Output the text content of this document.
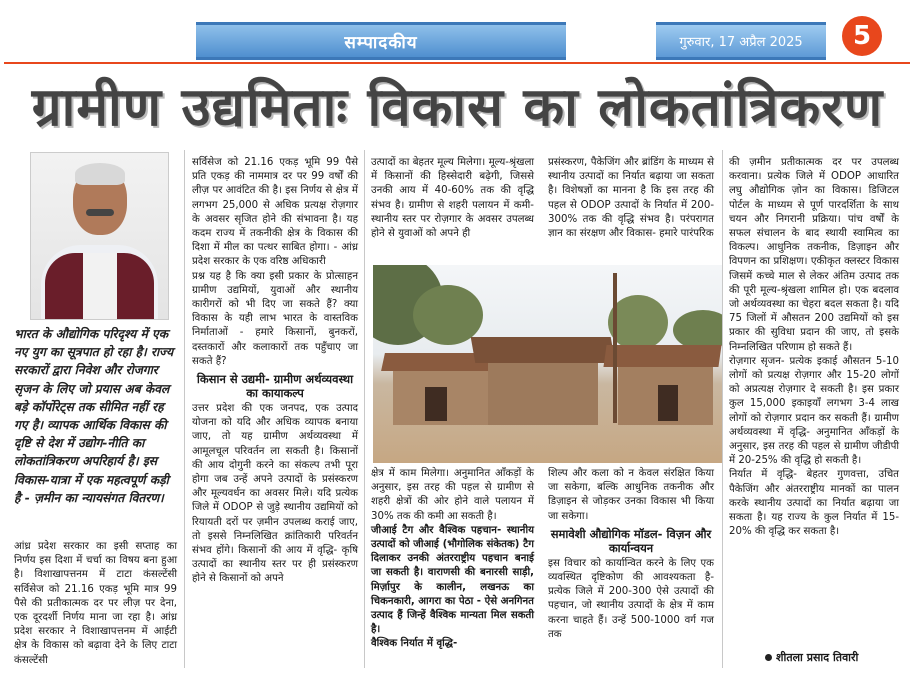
सम्पादकीय	गुरुवार, 17 अप्रैल 2025	5
ग्रामीण उद्यमिताः विकास का लोकतांत्रिकरण
भारत के औद्योगिक परिदृश्य में एक नए युग का सूत्रपात हो रहा है। राज्य सरकारों द्वारा निवेश और रोजगार सृजन के लिए जो प्रयास अब केवल बड़े कॉर्पोरेट्स तक सीमित नहीं रह गए है। व्यापक आर्थिक विकास की दृष्टि से देश में उद्योग-नीति का लोकतांत्रिकरण अपरिहार्य है। इस विकास-यात्रा में एक महत्वपूर्ण कड़ी है - ज़मीन का न्यायसंगत वितरण।

आंध्र प्रदेश सरकार का इसी सप्ताह का निर्णय इस दिशा में चर्चा का विषय बना हुआ है। विशाखापत्तनम में टाटा कंसल्टेंसी सर्विसेज को 21.16 एकड़ भूमि मात्र 99 पैसे की प्रतीकात्मक दर पर लीज़ पर देना, एक दूरदर्शी निर्णय माना जा रहा है। आंध्र प्रदेश सरकार ने विशाखापत्तनम में आईटी क्षेत्र के विकास को बढ़ावा देने के लिए टाटा कंसल्टेंसी

सर्विसेज को 21.16 एकड़ भूमि 99 पैसे प्रति एकड़ की नाममात्र दर पर 99 वर्षों की लीज़ पर आवंटित की है। इस निर्णय से क्षेत्र में लगभग 25,000 से अधिक प्रत्यक्ष रोज़गार के अवसर सृजित होने की संभावना है। यह कदम राज्य में तकनीकी क्षेत्र के विकास की दिशा में मील का पत्थर साबित होगा। - आंध्र प्रदेश सरकार के एक वरिष्ठ अधिकारी

प्रश्न यह है कि क्या इसी प्रकार के प्रोत्साहन ग्रामीण उद्यमियों, युवाओं और स्थानीय कारीगरों को भी दिए जा सकते हैं? क्या विकास के यही लाभ भारत के वास्तविक निर्माताओं - हमारे किसानों, बुनकरों, दस्तकारों और कलाकारों तक पहुँचाए जा सकते हैं?

किसान से उद्यमी- ग्रामीण अर्थव्यवस्था का कायाकल्प

उत्तर प्रदेश की एक जनपद, एक उत्पाद योजना को यदि और अधिक व्यापक बनाया जाए, तो यह ग्रामीण अर्थव्यवस्था में आमूलचूल परिवर्तन ला सकती है। किसानों की आय दोगुनी करने का संकल्प तभी पूरा होगा जब उन्हें अपने उत्पादों के प्रसंस्करण और मूल्यवर्धन का अवसर मिले। यदि प्रत्येक जिले में ODOP से जुड़े स्थानीय उद्यमियों को रियायती दरों पर ज़मीन उपलब्ध कराई जाए, तो इससे निम्नलिखित क्रांतिकारी परिवर्तन संभव होंगे। किसानों की आय में वृद्धि- कृषि उत्पादों का स्थानीय स्तर पर ही प्रसंस्करण होने से किसानों को अपने

उत्पादों का बेहतर मूल्य मिलेगा। मूल्य-श्रृंखला में किसानों की हिस्सेदारी बढ़ेगी, जिससे उनकी आय में 40-60% तक की वृद्धि संभव है। ग्रामीण से शहरी पलायन में कमी- स्थानीय स्तर पर रोज़गार के अवसर उपलब्ध होने से युवाओं को अपने ही

प्रसंस्करण, पैकेजिंग और ब्रांडिंग के माध्यम से स्थानीय उत्पादों का निर्यात बढ़ाया जा सकता है। विशेषज्ञों का मानना है कि इस तरह की पहल से ODOP उत्पादों के निर्यात में 200-300% तक की वृद्धि संभव है। परंपरागत ज्ञान का संरक्षण और विकास- हमारे पारंपरिक

क्षेत्र में काम मिलेगा। अनुमानित आँकड़ों के अनुसार, इस तरह की पहल से ग्रामीण से शहरी क्षेत्रों की ओर होने वाले पलायन में 30% तक की कमी आ सकती है।

जीआई टैग और वैश्विक पहचान- स्थानीय उत्पादों को जीआई (भौगोलिक संकेतक) टैग दिलाकर उनकी अंतरराष्ट्रीय पहचान बनाई जा सकती है। वाराणसी की बनारसी साड़ी, मिर्ज़ापुर के कालीन, लखनऊ का चिकनकारी, आगरा का पेठा - ऐसे अनगिनत उत्पाद हैं जिन्हें वैश्विक मान्यता मिल सकती है।

वैश्विक निर्यात में वृद्धि-

शिल्प और कला को न केवल संरक्षित किया जा सकेगा, बल्कि आधुनिक तकनीक और डिज़ाइन से जोड़कर उनका विकास भी किया जा सकेगा।

समावेशी औद्योगिक मॉडल- विज़न और कार्यान्वयन

इस विचार को कार्यान्वित करने के लिए एक व्यवस्थित दृष्टिकोण की आवश्यकता है- प्रत्येक जिले में 200-300 ऐसे उत्पादों की पहचान, जो स्थानीय उत्पादों के क्षेत्र में काम करना चाहते हैं। उन्हें 500-1000 वर्ग गज तक

की ज़मीन प्रतीकात्मक दर पर उपलब्ध करवाना। प्रत्येक जिले में ODOP आधारित लघु औद्योगिक ज़ोन का विकास। डिजिटल पोर्टल के माध्यम से पूर्ण पारदर्शिता के साथ चयन और निगरानी प्रक्रिया। पांच वर्षों के सफल संचालन के बाद स्थायी स्वामित्व का विकल्प। आधुनिक तकनीक, डिज़ाइन और विपणन का प्रशिक्षण। एकीकृत क्लस्टर विकास जिसमें कच्चे माल से लेकर अंतिम उत्पाद तक की पूरी मूल्य-श्रृंखला शामिल हो। एक बदलाव जो अर्थव्यवस्था का चेहरा बदल सकता है। यदि 75 जिलों में औसतन 200 उद्यमियों को इस प्रकार की सुविधा प्रदान की जाए, तो इसके निम्नलिखित परिणाम हो सकते हैं।

रोज़गार सृजन- प्रत्येक इकाई औसतन 5-10 लोगों को प्रत्यक्ष रोज़गार और 15-20 लोगों को अप्रत्यक्ष रोज़गार दे सकती है। इस प्रकार कुल 15,000 इकाइयाँ लगभग 3-4 लाख लोगों को रोज़गार प्रदान कर सकती हैं। ग्रामीण अर्थव्यवस्था में वृद्धि- अनुमानित आँकड़ों के अनुसार, इस तरह की पहल से ग्रामीण जीडीपी में 20-25% की वृद्धि हो सकती है।

निर्यात में वृद्धि- बेहतर गुणवत्ता, उचित पैकेजिंग और अंतरराष्ट्रीय मानकों का पालन करके स्थानीय उत्पादों का निर्यात बढ़ाया जा सकता है। यह राज्य के कुल निर्यात में 15-20% की वृद्धि कर सकता है।

शीतला प्रसाद तिवारी
